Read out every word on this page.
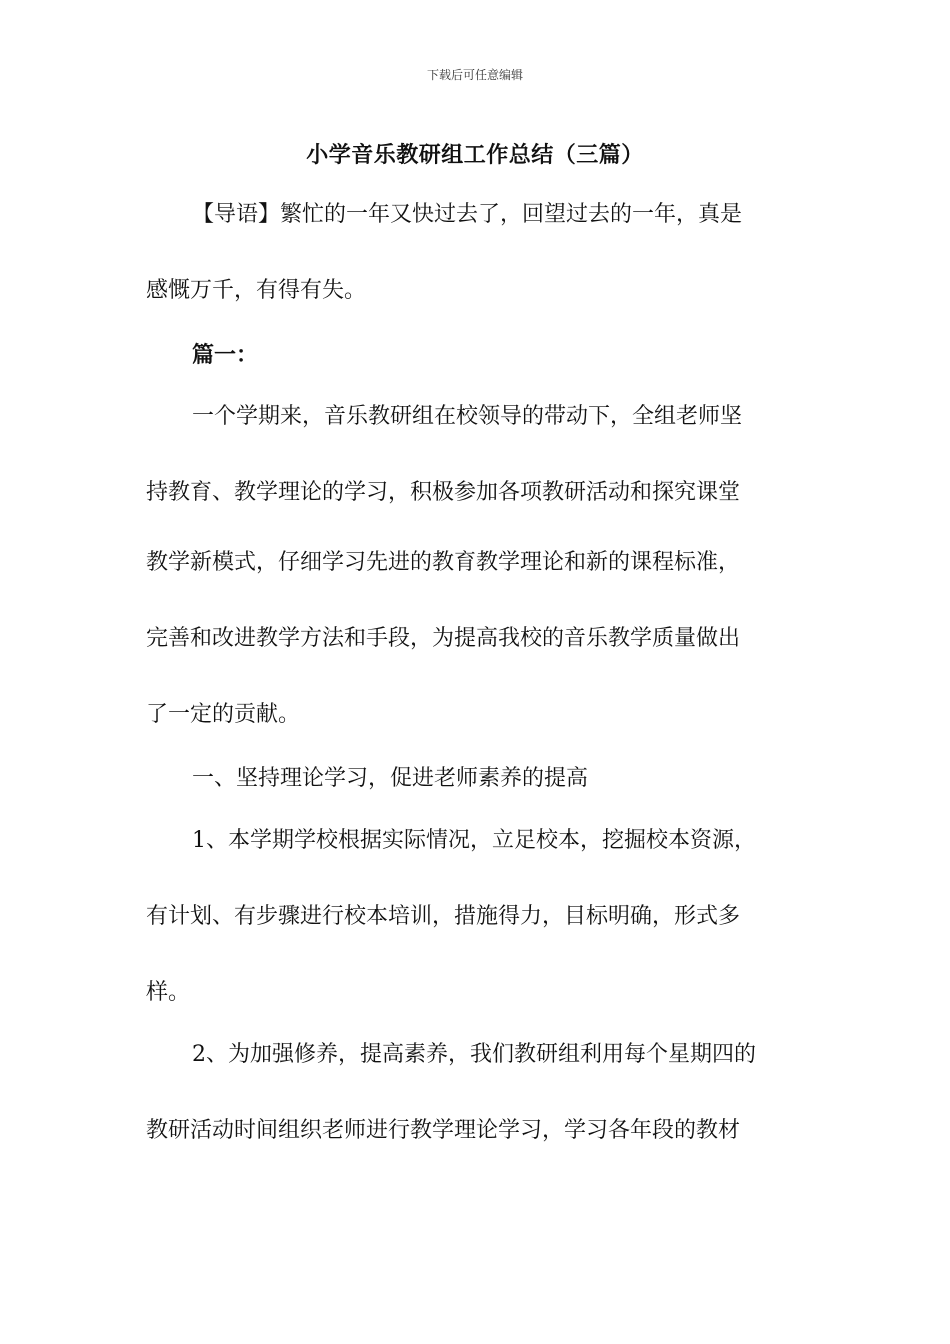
下载后可任意编辑
小学音乐教研组工作总结（三篇）
【导语】繁忙的一年又快过去了，回望过去的一年，真是
感慨万千，有得有失。
篇一：
一个学期来，音乐教研组在校领导的带动下，全组老师坚
持教育、教学理论的学习，积极参加各项教研活动和探究课堂
教学新模式，仔细学习先进的教育教学理论和新的课程标准，
完善和改进教学方法和手段，为提高我校的音乐教学质量做出
了一定的贡献。
一、坚持理论学习，促进老师素养的提高
1、本学期学校根据实际情况，立足校本，挖掘校本资源，
有计划、有步骤进行校本培训，措施得力，目标明确，形式多
样。
2、为加强修养，提高素养，我们教研组利用每个星期四的
教研活动时间组织老师进行教学理论学习，学习各年段的教材
